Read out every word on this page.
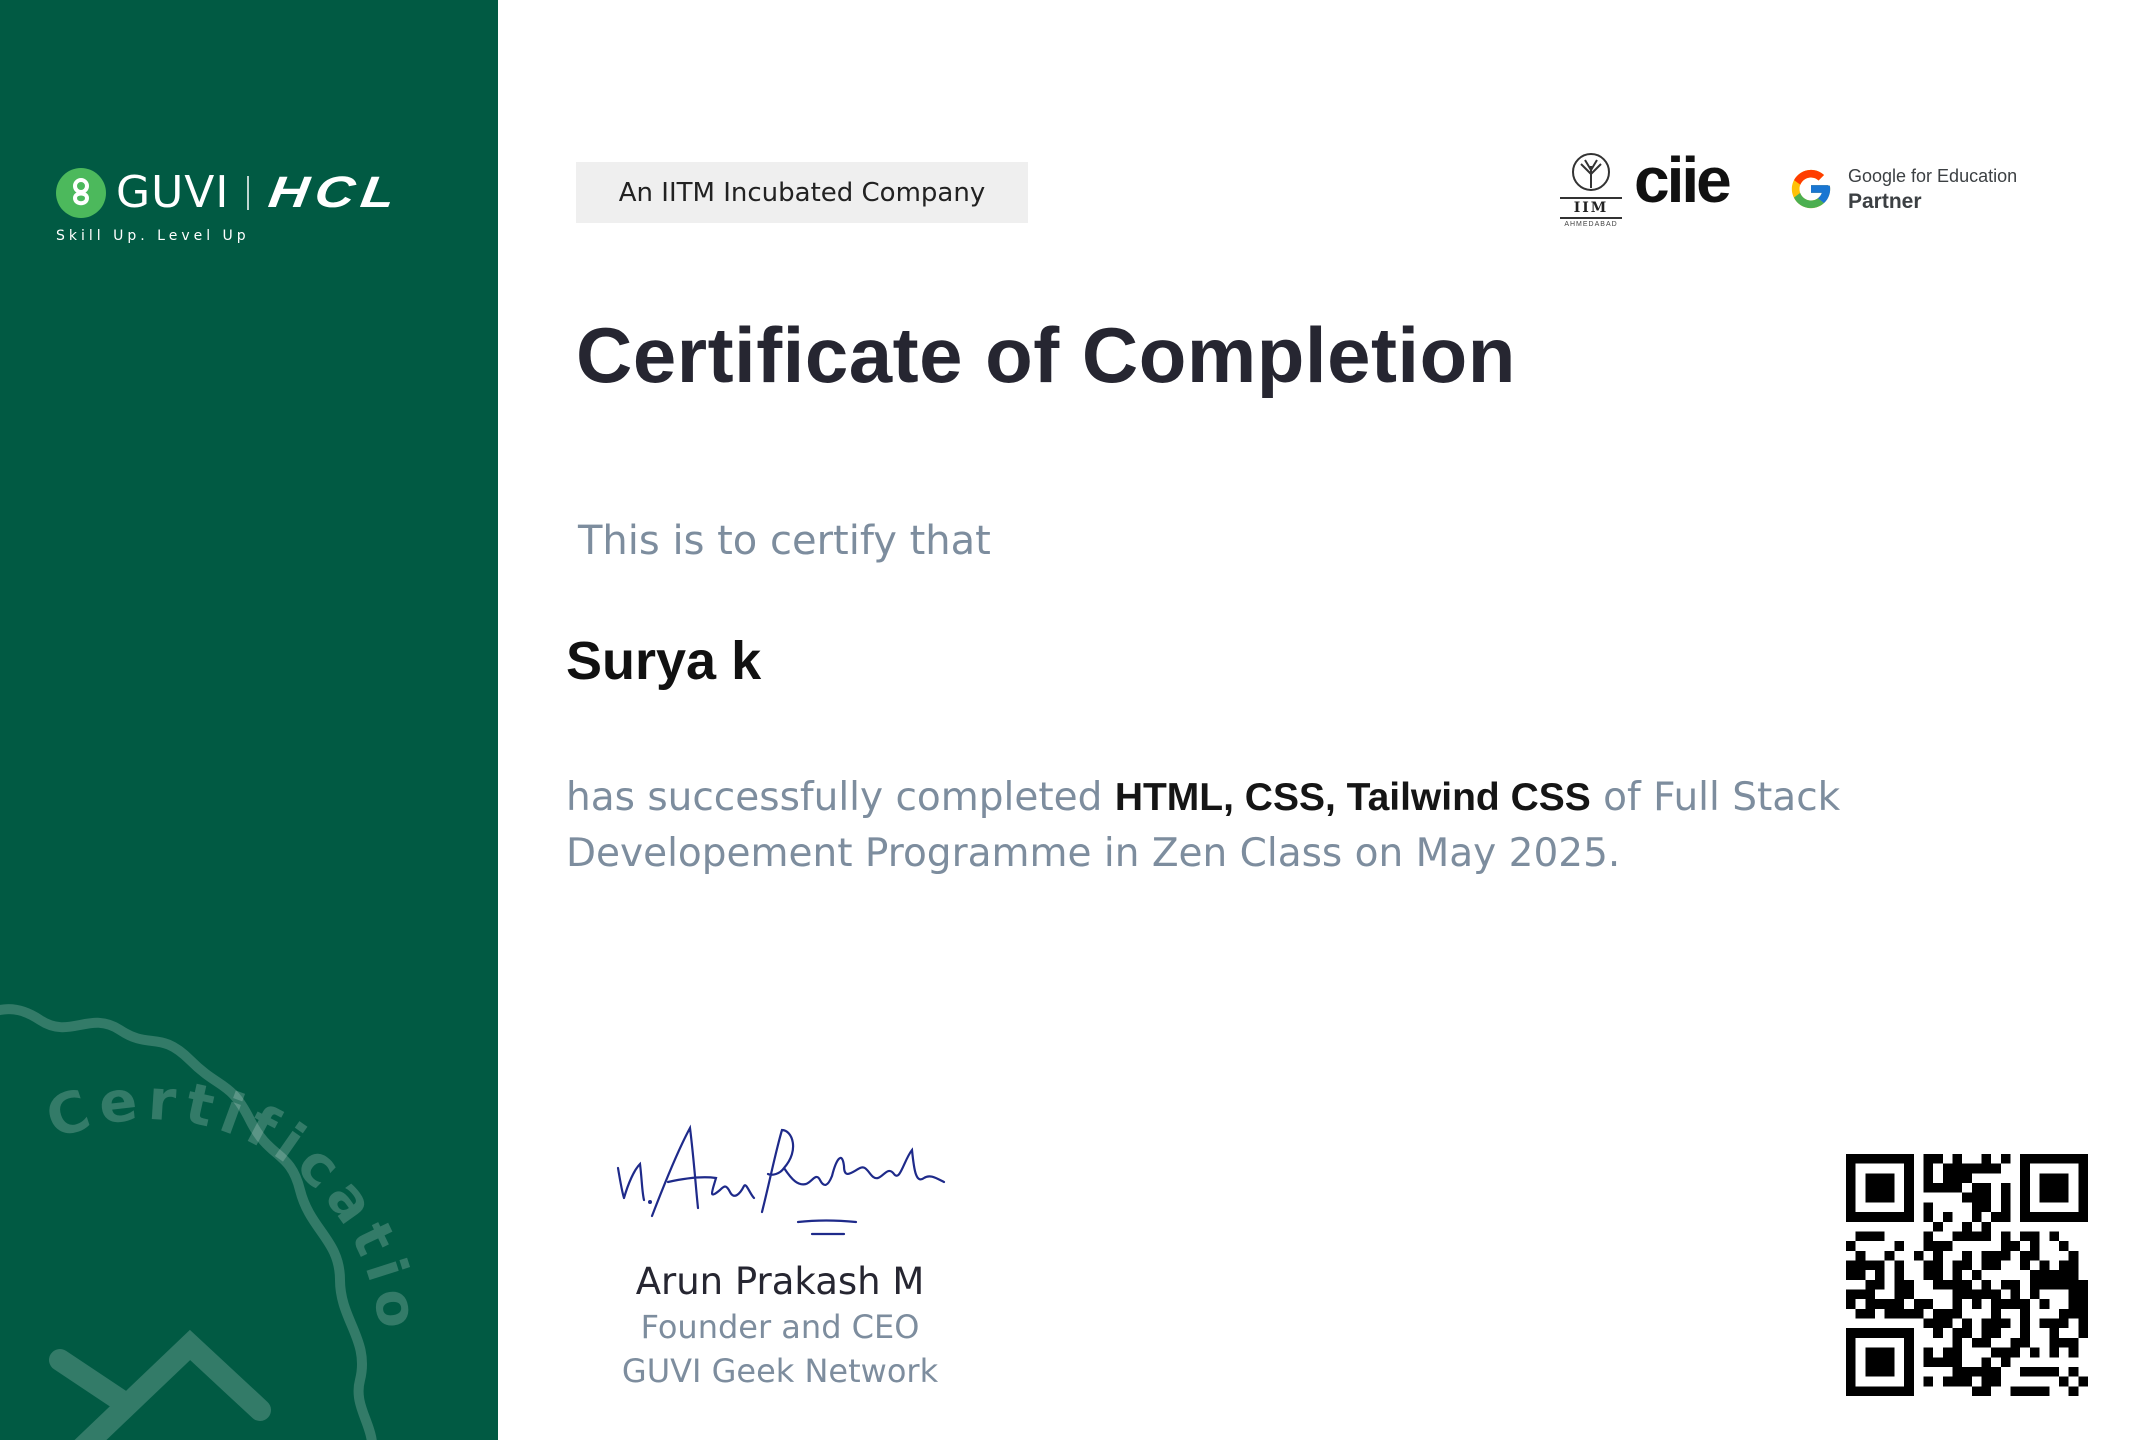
GUVI HCL
Skill Up. Level Up
Certificatio
An IITM Incubated Company
IIM
AHMEDABAD
ciie	Google for Education
Partner
Certificate of Completion
This is to certify that
Surya k
has successfully completed HTML, CSS, Tailwind CSS of Full Stack Developement Programme in Zen Class on May 2025.
Arun Prakash M
Founder and CEO
GUVI Geek Network
